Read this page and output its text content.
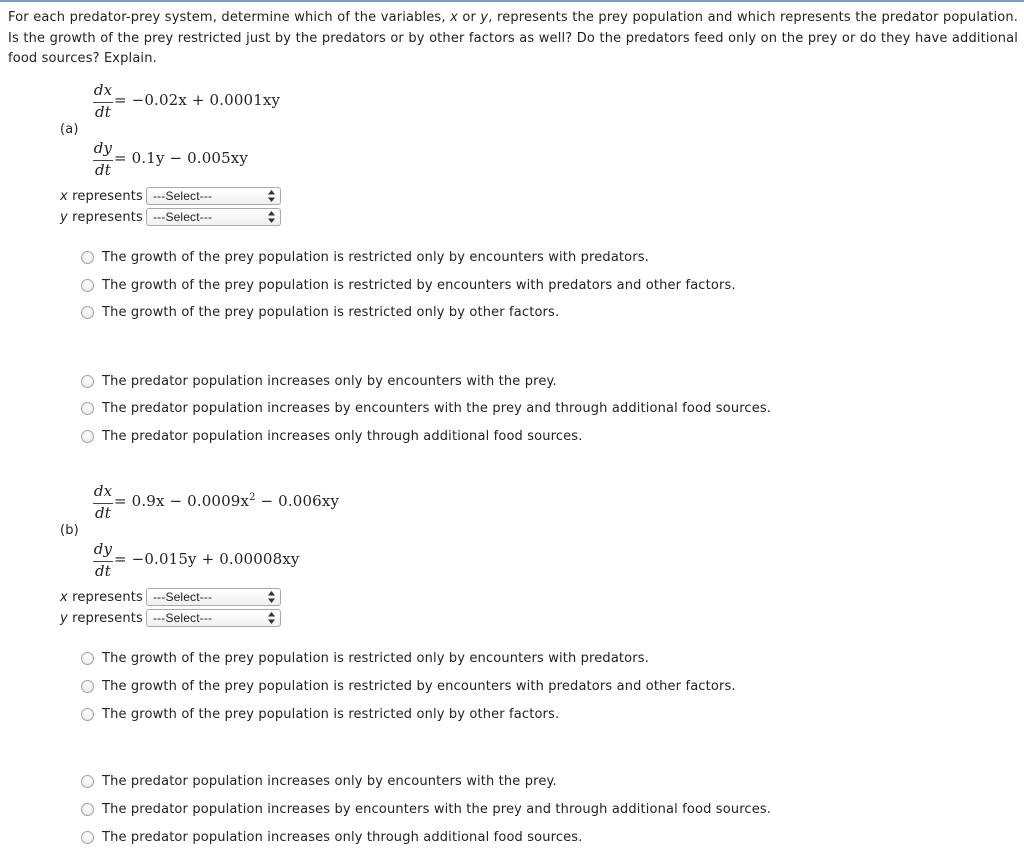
For each predator-prey system, determine which of the variables, x or y, represents the prey population and which represents the predator population. Is the growth of the prey restricted just by the predators or by other factors as well? Do the predators feed only on the prey or do they have additional food sources? Explain.
(a)
dx
dt
= −0.02x + 0.0001xy
dy
dt
= 0.1y − 0.005xy
x represents ---Select---
y represents ---Select---
The growth of the prey population is restricted only by encounters with predators.
The growth of the prey population is restricted by encounters with predators and other factors.
The growth of the prey population is restricted only by other factors.
The predator population increases only by encounters with the prey.
The predator population increases by encounters with the prey and through additional food sources.
The predator population increases only through additional food sources.
(b)
dx
dt
= $0.9x - 0.0009x^2 - 0.006xy$
dy
dt
= −0.015y + 0.00008xy
x represents ---Select---
y represents ---Select---
The growth of the prey population is restricted only by encounters with predators.
The growth of the prey population is restricted by encounters with predators and other factors.
The growth of the prey population is restricted only by other factors.
The predator population increases only by encounters with the prey.
The predator population increases by encounters with the prey and through additional food sources.
The predator population increases only through additional food sources.
